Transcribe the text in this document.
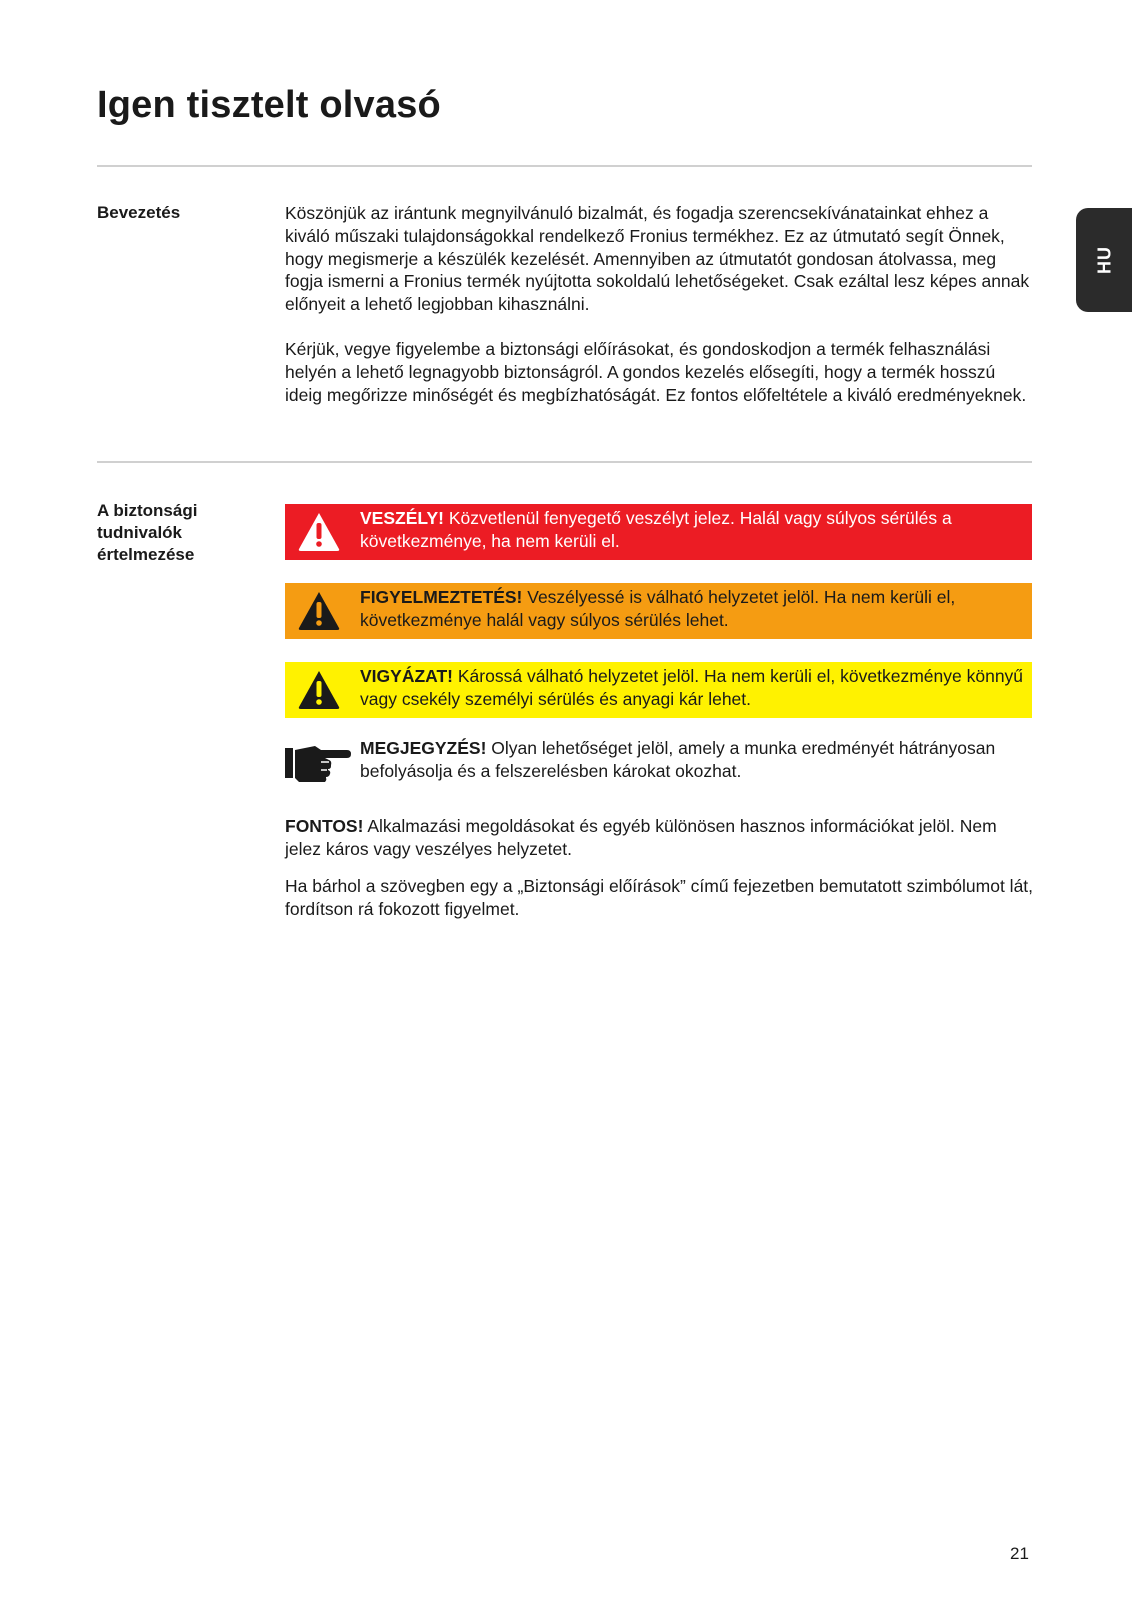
Igen tisztelt olvasó
HU

Bevezetés	Köszönjük az irántunk megnyilvánuló bizalmát, és fogadja szerencsekívánatainkat ehhez a kiváló műszaki tulajdonságokkal rendelkező Fronius termékhez. Ez az útmutató segít Önnek, hogy megismerje a készülék kezelését. Amennyiben az útmutatót gondosan átolvassa, meg fogja ismerni a Fronius termék nyújtotta sokoldalú lehetőségeket. Csak ezáltal lesz képes annak előnyeit a lehető legjobban kihasználni.

Kérjük, vegye figyelembe a biztonsági előírásokat, és gondoskodjon a termék felhasználási helyén a lehető legnagyobb biztonságról. A gondos kezelés elősegíti, hogy a termék hosszú ideig megőrizze minőségét és megbízhatóságát. Ez fontos előfeltétele a kiváló eredményeknek.

A biztonsági tudnivalók értelmezése

VESZÉLY! Közvetlenül fenyegető veszélyt jelez. Halál vagy súlyos sérülés a következménye, ha nem kerüli el.

FIGYELMEZTETÉS! Veszélyessé is válható helyzetet jelöl. Ha nem kerüli el, következménye halál vagy súlyos sérülés lehet.

VIGYÁZAT! Károssá válható helyzetet jelöl. Ha nem kerüli el, következménye könnyű vagy csekély személyi sérülés és anyagi kár lehet.

MEGJEGYZÉS! Olyan lehetőséget jelöl, amely a munka eredményét hátrányosan befolyásolja és a felszerelésben károkat okozhat.

FONTOS! Alkalmazási megoldásokat és egyéb különösen hasznos információkat jelöl. Nem jelez káros vagy veszélyes helyzetet.

Ha bárhol a szövegben egy a „Biztonsági előírások” című fejezetben bemutatott szimbólumot lát, fordítson rá fokozott figyelmet.

21
